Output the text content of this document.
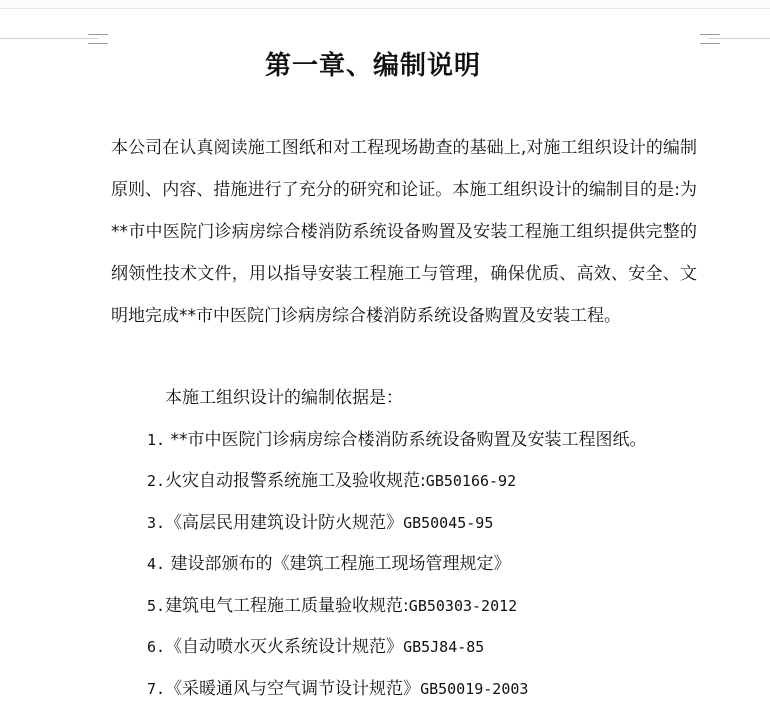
第一章、编制说明
本公司在认真阅读施工图纸和对工程现场勘查的基础上,对施工组织设计的编制原则、内容、措施进行了充分的研究和论证。本施工组织设计的编制目的是:为**市中医院门诊病房综合楼消防系统设备购置及安装工程施工组织提供完整的纲领性技术文件，用以指导安装工程施工与管理，确保优质、高效、安全、文明地完成**市中医院门诊病房综合楼消防系统设备购置及安装工程。
本施工组织设计的编制依据是：
1. **市中医院门诊病房综合楼消防系统设备购置及安装工程图纸。
2.火灾自动报警系统施工及验收规范:GB50166-92
3.《高层民用建筑设计防火规范》GB50045-95
4. 建设部颁布的《建筑工程施工现场管理规定》
5.建筑电气工程施工质量验收规范:GB50303-2012
6.《自动喷水灭火系统设计规范》GB5J84-85
7.《采暖通风与空气调节设计规范》GB50019-2003
